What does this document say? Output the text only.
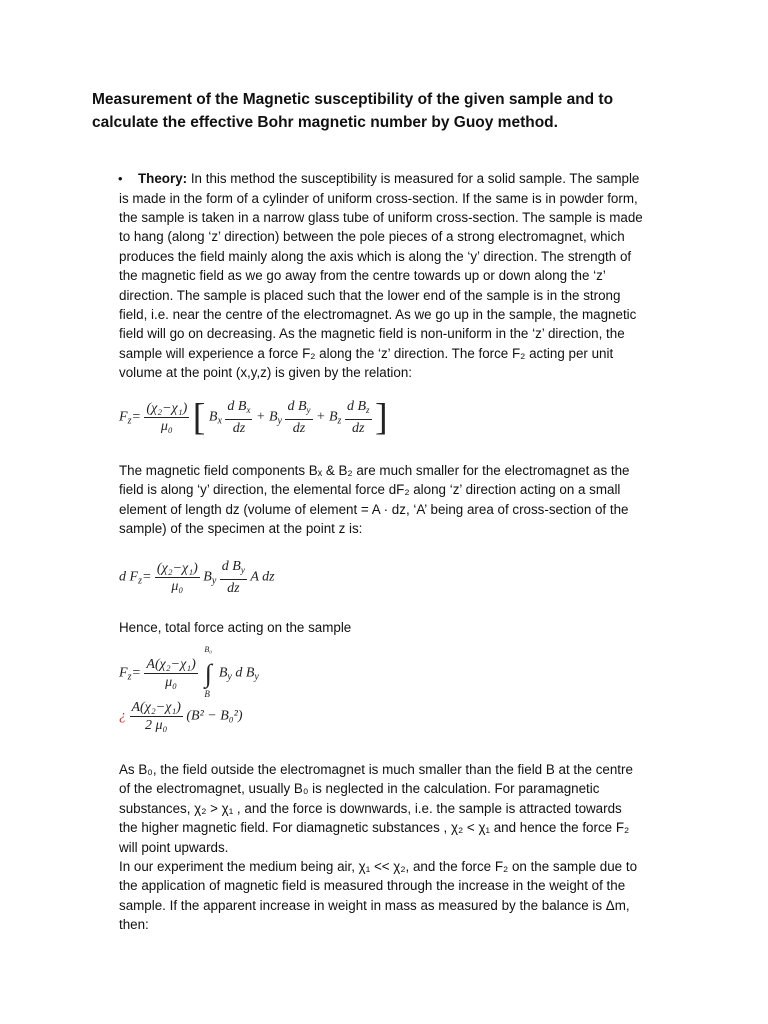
Measurement of the Magnetic susceptibility of the given sample and to
calculate the effective Bohr magnetic number by Guoy method.
• Theory: In this method the susceptibility is measured for a solid sample. The sample
is made in the form of a cylinder of uniform cross-section. If the same is in powder form,
the sample is taken in a narrow glass tube of uniform cross-section. The sample is made
to hang (along ‘z’ direction) between the pole pieces of a strong electromagnet, which
produces the field mainly along the axis which is along the ‘y’ direction. The strength of
the magnetic field as we go away from the centre towards up or down along the ‘z’
direction. The sample is placed such that the lower end of the sample is in the strong
field, i.e. near the centre of the electromagnet. As we go up in the sample, the magnetic
field will go on decreasing. As the magnetic field is non-uniform in the ‘z’ direction, the
sample will experience a force F₂ along the ‘z’ direction. The force F₂ acting per unit
volume at the point (x,y,z) is given by the relation:
$F_z= \frac{\text{(χ₂−χ₁)}}{\text{μ₀}}$ [ $B_x \frac{d B_x}{dz} + B_y \frac{d B_y}{dz} + B_z \frac{d B_z}{dz}$ ]
The magnetic field components Bₓ & B₂ are much smaller for the electromagnet as the
field is along ‘y’ direction, the elemental force dF₂ along ‘z’ direction acting on a small
element of length dz (volume of element = A · dz, ‘A’ being area of cross-section of the
sample) of the specimen at the point z is:
d $F_z= \frac{\text{(χ₂−χ₁)}}{\text{μ₀}} B_y \frac{d B_y}{dz}$ A dz
Hence, total force acting on the sample
$F_z= \frac{\text{A(χ₂−χ₁)}}{\text{μ₀}}$

B₀
∫
B
$B_y$ d $B_y$
¿ $\frac{\text{A(χ₂−χ₁)}}{\text{2 μ₀}} (B^2 - B_0^2)$
As B₀, the field outside the electromagnet is much smaller than the field B at the centre
of the electromagnet, usually B₀ is neglected in the calculation. For paramagnetic
substances, χ₂ > χ₁ , and the force is downwards, i.e. the sample is attracted towards
the higher magnetic field. For diamagnetic substances , χ₂ < χ₁ and hence the force F₂
will point upwards.
In our experiment the medium being air, χ₁ << χ₂, and the force F₂ on the sample due to
the application of magnetic field is measured through the increase in the weight of the
sample. If the apparent increase in weight in mass as measured by the balance is Δm,
then:
